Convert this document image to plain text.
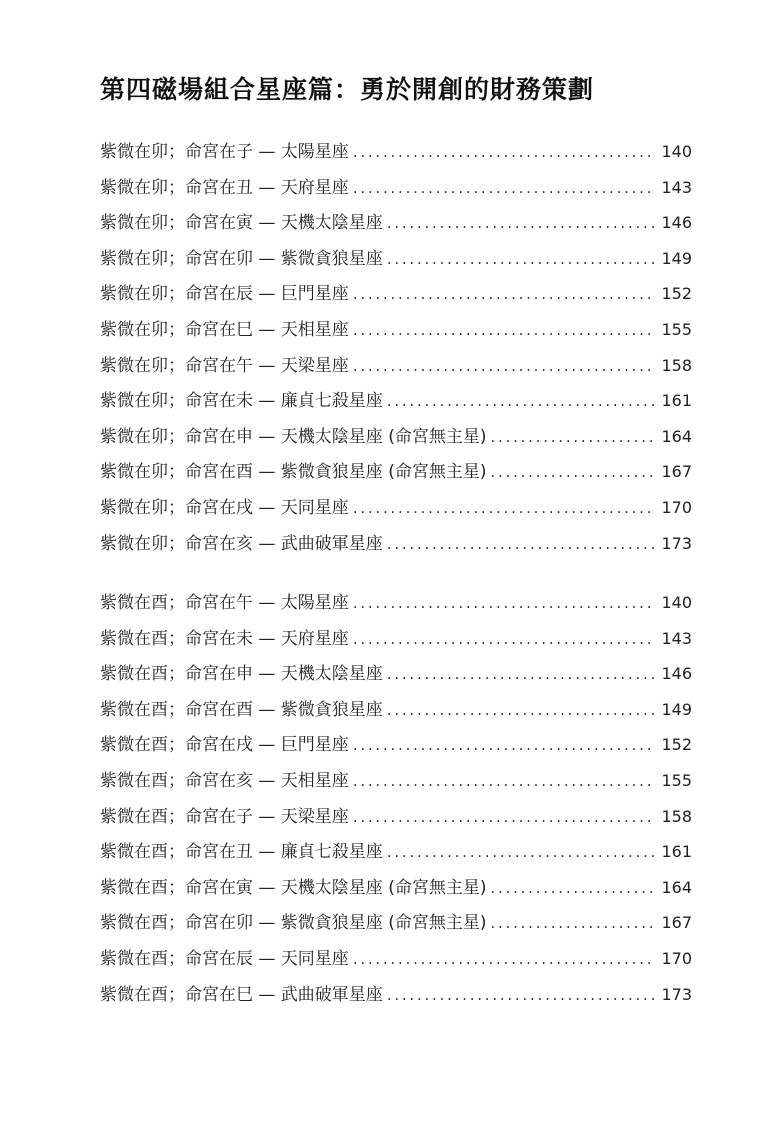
第四磁場組合星座篇：勇於開創的財務策劃
紫微在卯；命宮在子 — 太陽星座 . . .	140
紫微在卯；命宮在丑 — 天府星座 . . .	143
紫微在卯；命宮在寅 — 天機太陰星座 . . .	146
紫微在卯；命宮在卯 — 紫微貪狼星座 . . .	149
紫微在卯；命宮在辰 — 巨門星座 . . .	152
紫微在卯；命宮在巳 — 天相星座 . . .	155
紫微在卯；命宮在午 — 天梁星座 . . .	158
紫微在卯；命宮在未 — 廉貞七殺星座 . . .	161
紫微在卯；命宮在申 — 天機太陰星座 (命宮無主星) . . .	164
紫微在卯；命宮在酉 — 紫微貪狼星座 (命宮無主星) . . .	167
紫微在卯；命宮在戌 — 天同星座 . . .	170
紫微在卯；命宮在亥 — 武曲破軍星座 . . .	173
紫微在酉；命宮在午 — 太陽星座 . . .	140
紫微在酉；命宮在未 — 天府星座 . . .	143
紫微在酉；命宮在申 — 天機太陰星座 . . .	146
紫微在酉；命宮在酉 — 紫微貪狼星座 . . .	149
紫微在酉；命宮在戌 — 巨門星座 . . .	152
紫微在酉；命宮在亥 — 天相星座 . . .	155
紫微在酉；命宮在子 — 天梁星座 . . .	158
紫微在酉；命宮在丑 — 廉貞七殺星座 . . .	161
紫微在酉；命宮在寅 — 天機太陰星座 (命宮無主星) . . .	164
紫微在酉；命宮在卯 — 紫微貪狼星座 (命宮無主星) . . .	167
紫微在酉；命宮在辰 — 天同星座 . . .	170
紫微在酉；命宮在巳 — 武曲破軍星座 . . .	173
